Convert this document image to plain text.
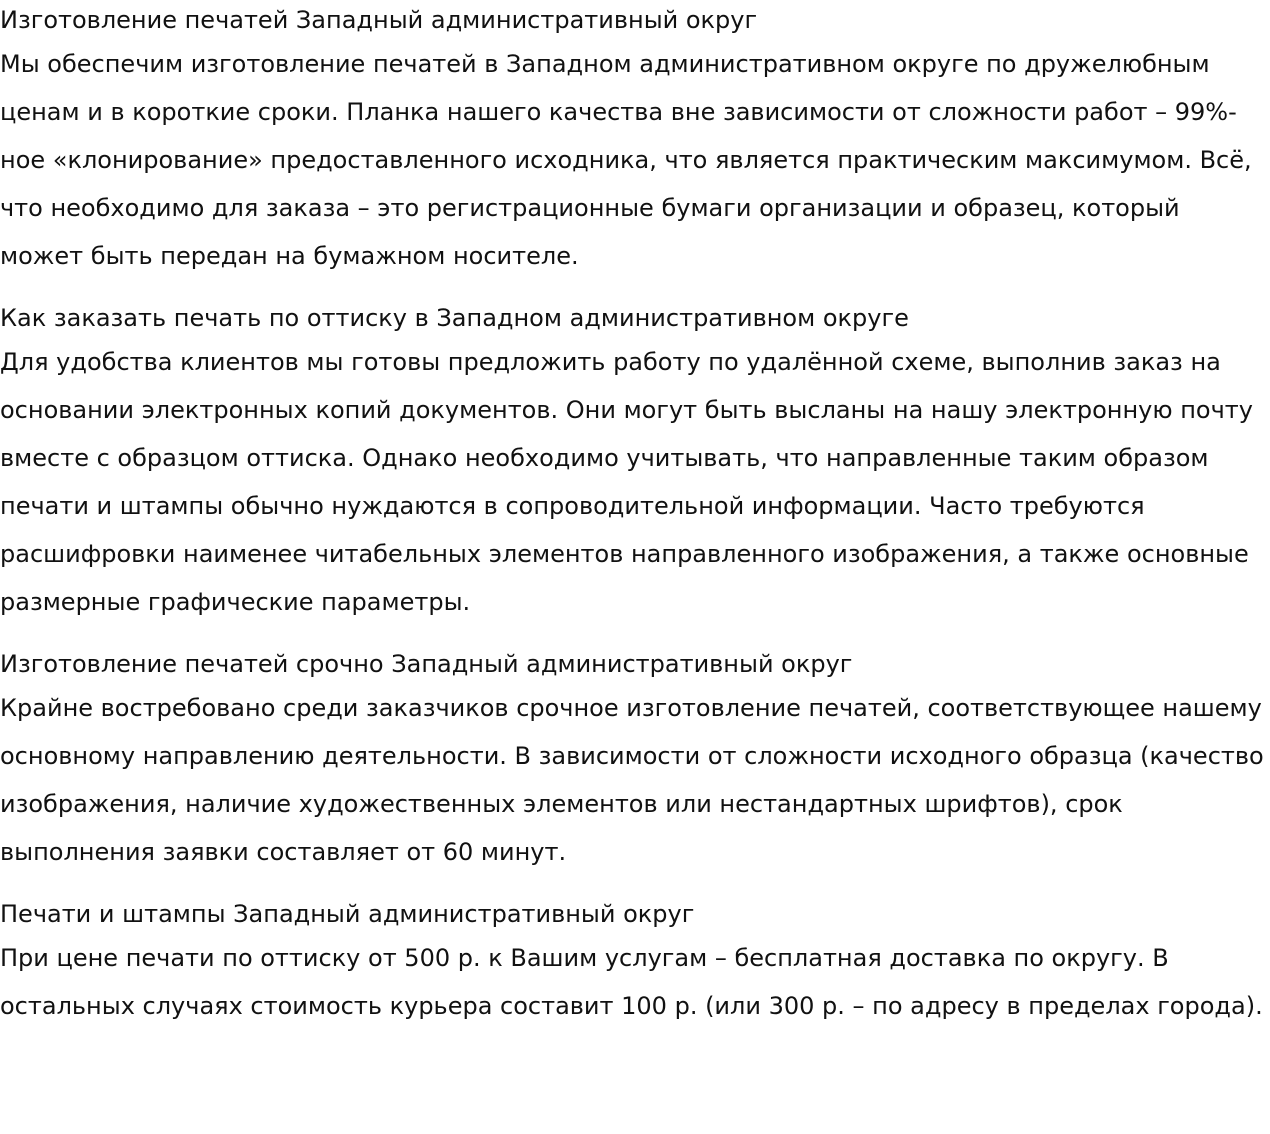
Изготовление печатей Западный административный округ
Мы обеспечим изготовление печатей в Западном административном округе по дружелюбным ценам и в короткие сроки. Планка нашего качества вне зависимости от сложности работ – 99%-ное «клонирование» предоставленного исходника, что является практическим максимумом. Всё, что необходимо для заказа – это регистрационные бумаги организации и образец, который может быть передан на бумажном носителе.
Как заказать печать по оттиску в Западном административном округе
Для удобства клиентов мы готовы предложить работу по удалённой схеме, выполнив заказ на основании электронных копий документов. Они могут быть высланы на нашу электронную почту вместе с образцом оттиска. Однако необходимо учитывать, что направленные таким образом печати и штампы обычно нуждаются в сопроводительной информации. Часто требуются расшифровки наименее читабельных элементов направленного изображения, а также основные размерные графические параметры.
Изготовление печатей срочно Западный административный округ
Крайне востребовано среди заказчиков срочное изготовление печатей, соответствующее нашему основному направлению деятельности. В зависимости от сложности исходного образца (качество изображения, наличие художественных элементов или нестандартных шрифтов), срок выполнения заявки составляет от 60 минут.
Печати и штампы Западный административный округ
При цене печати по оттиску от 500 р. к Вашим услугам – бесплатная доставка по округу. В остальных случаях стоимость курьера составит 100 р. (или 300 р. – по адресу в пределах города).
